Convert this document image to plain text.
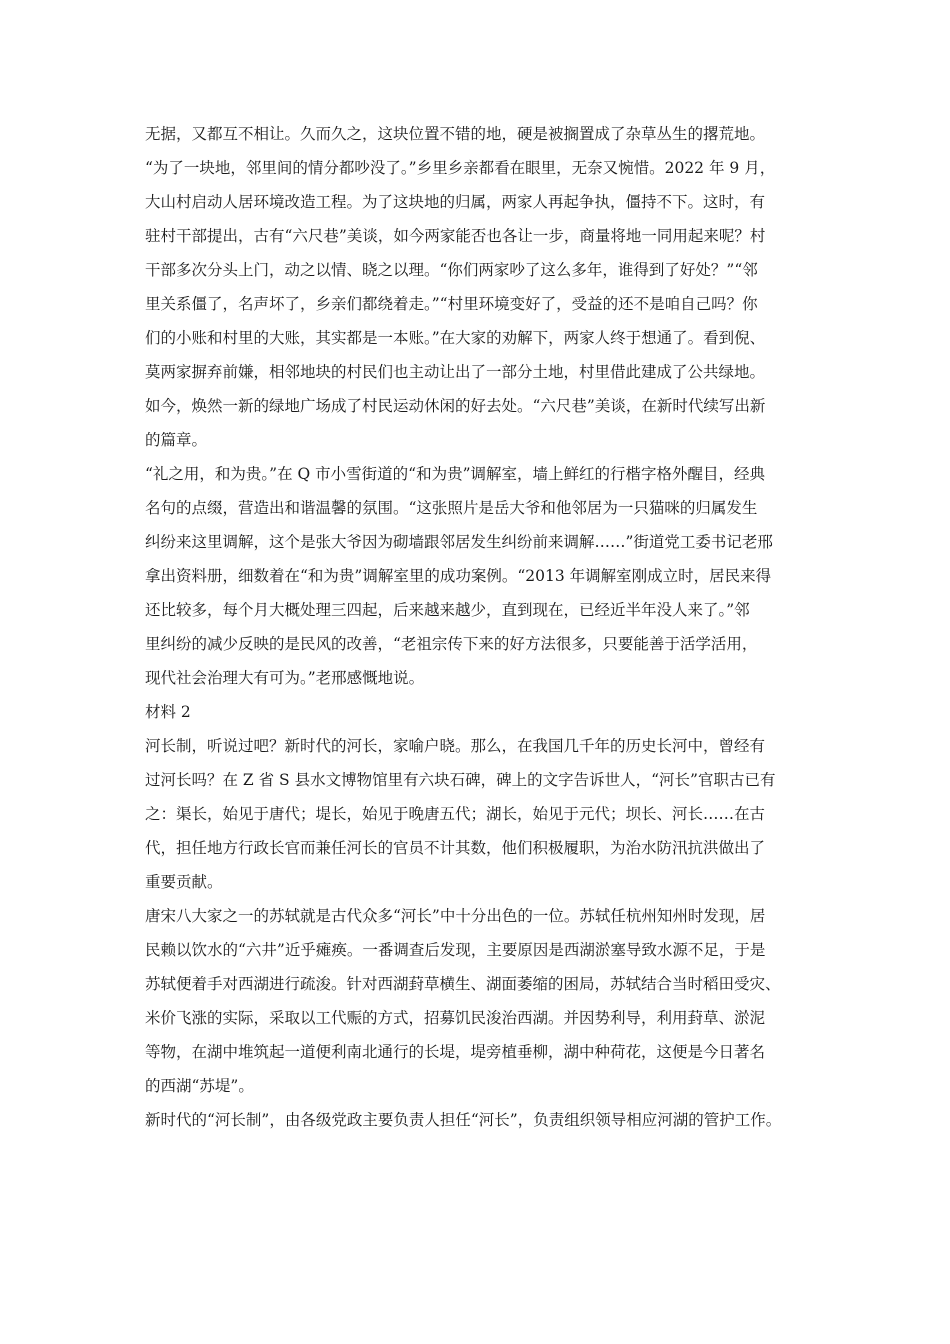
无据，又都互不相让。久而久之，这块位置不错的地，硬是被搁置成了杂草丛生的撂荒地。
“为了一块地，邻里间的情分都吵没了。”乡里乡亲都看在眼里，无奈又惋惜。2022 年 9 月，
大山村启动人居环境改造工程。为了这块地的归属，两家人再起争执，僵持不下。这时，有
驻村干部提出，古有“六尺巷”美谈，如今两家能否也各让一步，商量将地一同用起来呢？村
干部多次分头上门，动之以情、晓之以理。“你们两家吵了这么多年，谁得到了好处？”“邻
里关系僵了，名声坏了，乡亲们都绕着走。”“村里环境变好了，受益的还不是咱自己吗？你
们的小账和村里的大账，其实都是一本账。”在大家的劝解下，两家人终于想通了。看到倪、
莫两家摒弃前嫌，相邻地块的村民们也主动让出了一部分土地，村里借此建成了公共绿地。
如今，焕然一新的绿地广场成了村民运动休闲的好去处。“六尺巷”美谈，在新时代续写出新
的篇章。
“礼之用，和为贵。”在 Q 市小雪街道的“和为贵”调解室，墙上鲜红的行楷字格外醒目，经典
名句的点缀，营造出和谐温馨的氛围。“这张照片是岳大爷和他邻居为一只猫咪的归属发生
纠纷来这里调解，这个是张大爷因为砌墙跟邻居发生纠纷前来调解……”街道党工委书记老邢
拿出资料册，细数着在“和为贵”调解室里的成功案例。“2013 年调解室刚成立时，居民来得
还比较多，每个月大概处理三四起，后来越来越少，直到现在，已经近半年没人来了。”邻
里纠纷的减少反映的是民风的改善，“老祖宗传下来的好方法很多，只要能善于活学活用，
现代社会治理大有可为。”老邢感慨地说。
材料 2
河长制，听说过吧？新时代的河长，家喻户晓。那么，在我国几千年的历史长河中，曾经有
过河长吗？在 Z 省 S 县水文博物馆里有六块石碑，碑上的文字告诉世人，“河长”官职古已有
之：渠长，始见于唐代；堤长，始见于晚唐五代；湖长，始见于元代；坝长、河长……在古
代，担任地方行政长官而兼任河长的官员不计其数，他们积极履职，为治水防汛抗洪做出了
重要贡献。
唐宋八大家之一的苏轼就是古代众多“河长”中十分出色的一位。苏轼任杭州知州时发现，居
民赖以饮水的“六井”近乎瘫痪。一番调查后发现，主要原因是西湖淤塞导致水源不足，于是
苏轼便着手对西湖进行疏浚。针对西湖葑草横生、湖面萎缩的困局，苏轼结合当时稻田受灾、
米价飞涨的实际，采取以工代赈的方式，招募饥民浚治西湖。并因势利导，利用葑草、淤泥
等物，在湖中堆筑起一道便利南北通行的长堤，堤旁植垂柳，湖中种荷花，这便是今日著名
的西湖“苏堤”。
新时代的“河长制”，由各级党政主要负责人担任“河长”，负责组织领导相应河湖的管护工作。
